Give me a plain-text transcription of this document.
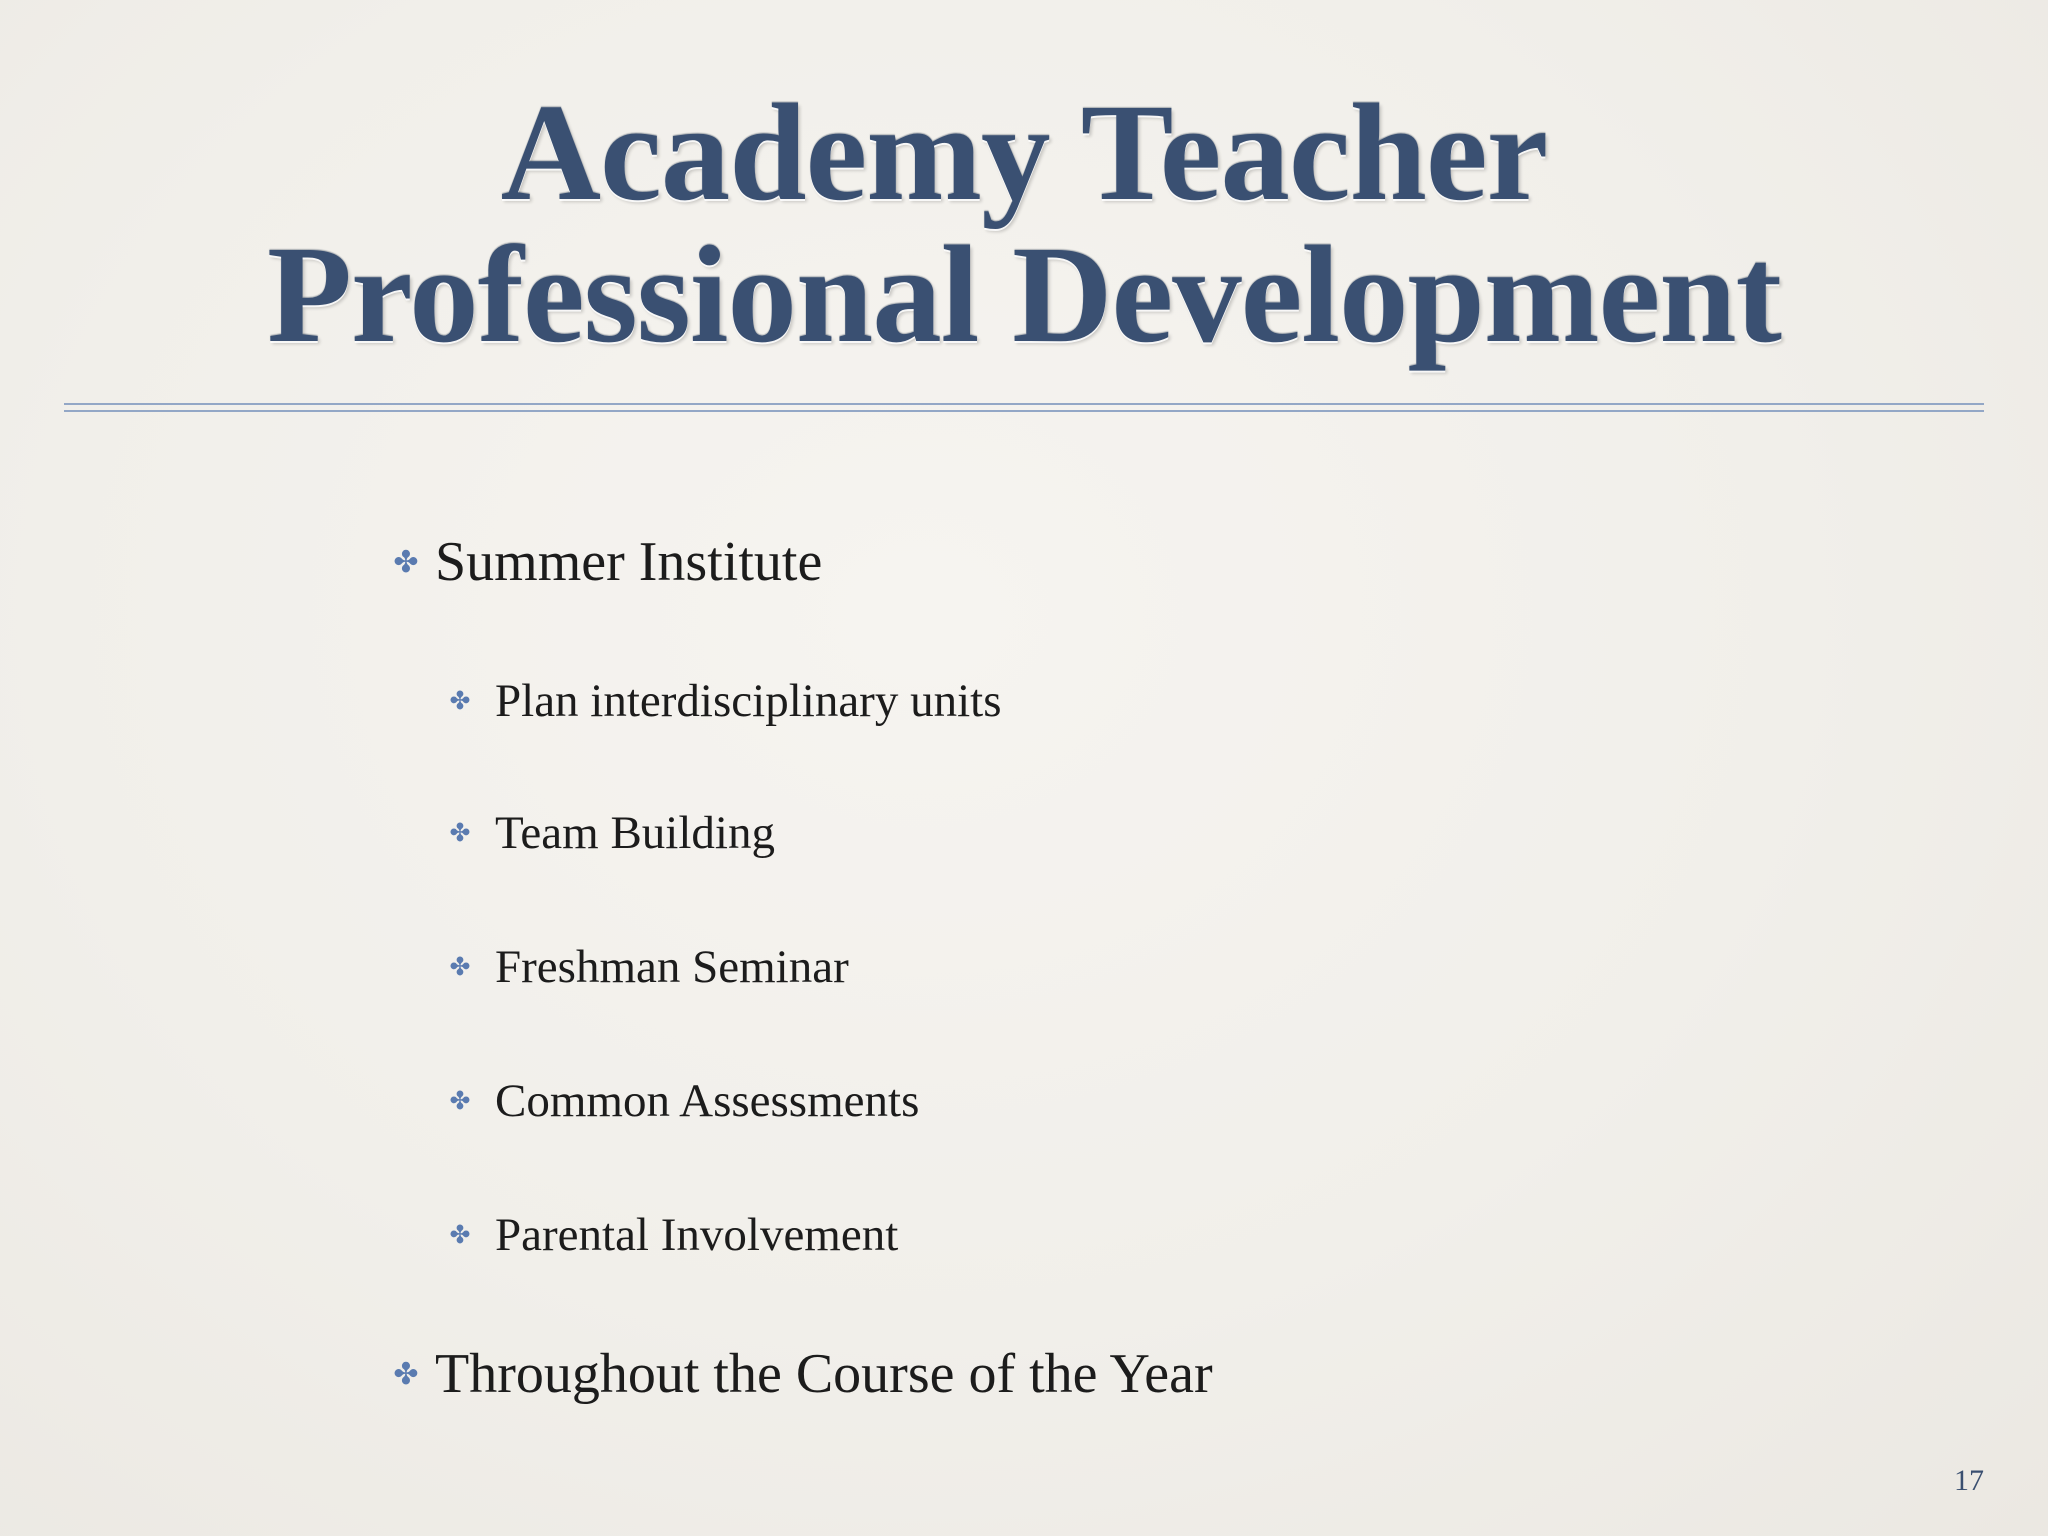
Academy Teacher
Professional Development
✤ Summer Institute
✤ Plan interdisciplinary units
✤ Team Building
✤ Freshman Seminar
✤ Common Assessments
✤ Parental Involvement
✤ Throughout the Course of the Year
17
